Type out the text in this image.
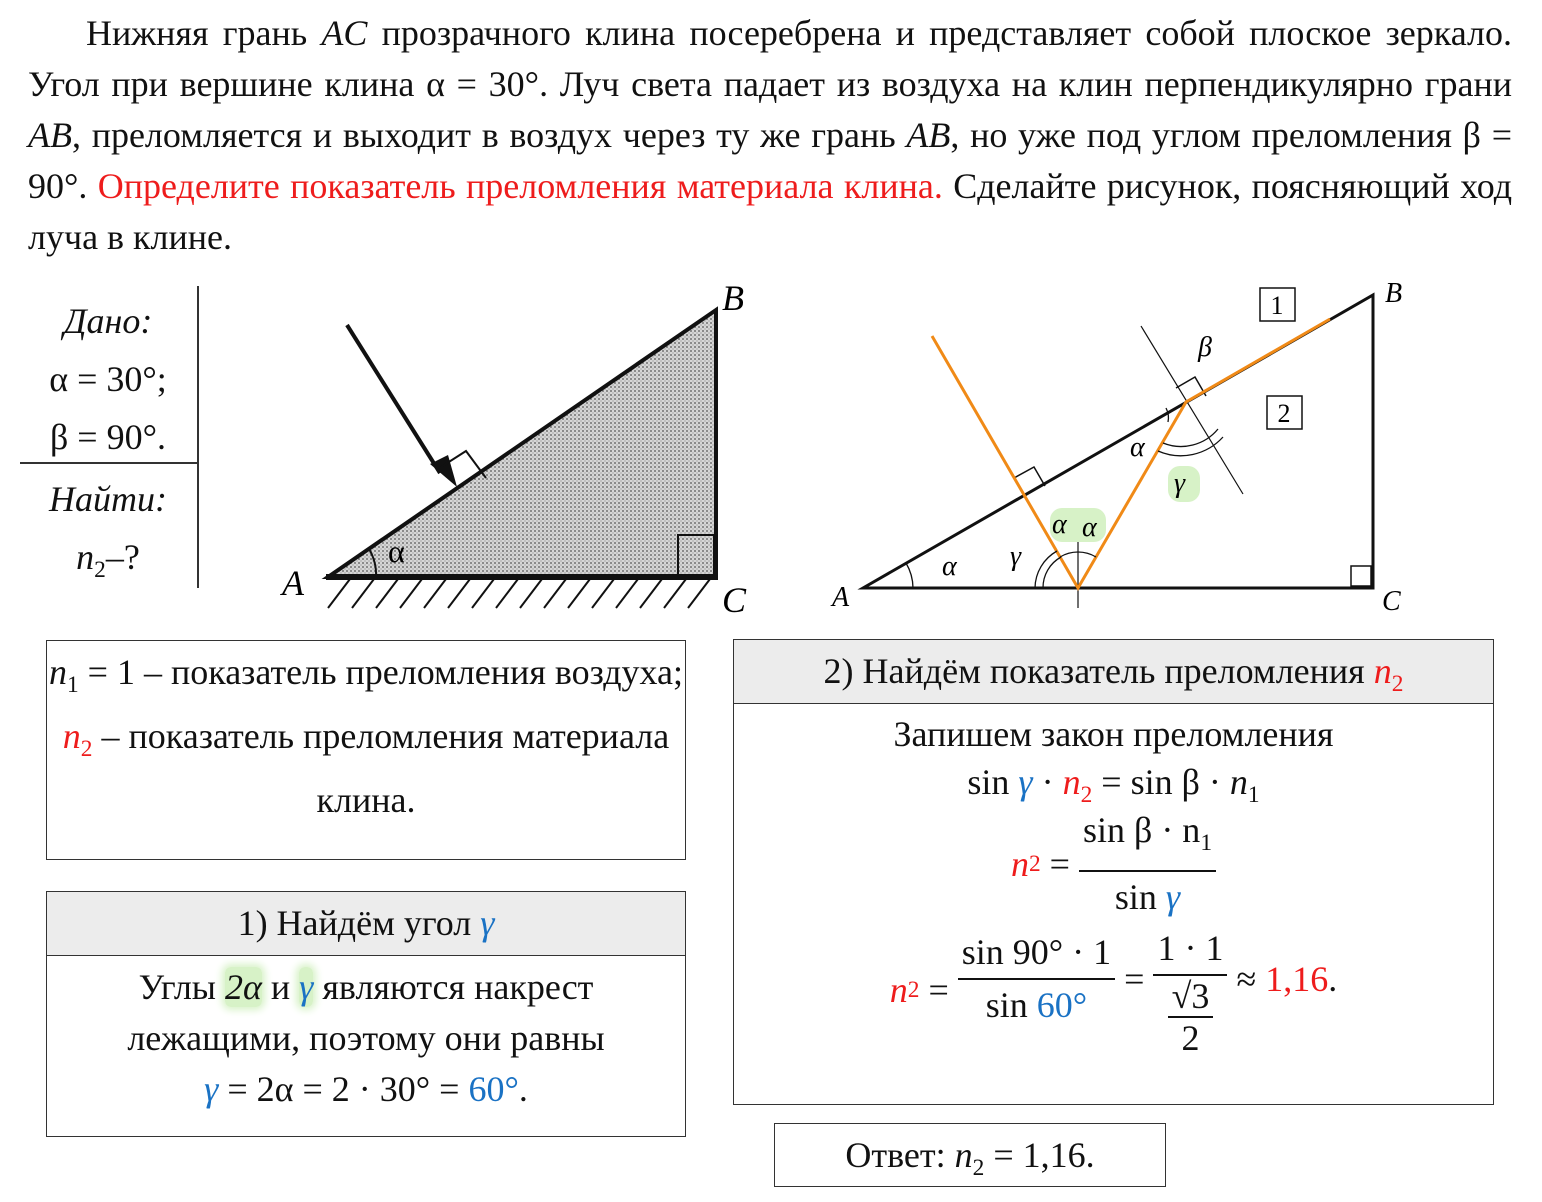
Нижняя грань AC прозрачного клина посеребрена и представляет собой плоское зеркало. Угол при вершине клина α = 30°. Луч света падает из воздуха на клин перпендикулярно грани AB, преломляется и выходит в воздух через ту же грань AB, но уже под углом преломления β = 90°. Определите показатель преломления материала клина. Сделайте рисунок, поясняющий ход луча в клине.
Дано:
α = 30°;
β = 90°.
Найти:
$n_2-$?	α
A
B
C
α γ
α α
α
γ
β
1
2
A
B
C
$n_1 = 1$ – показатель преломления воздуха;
$n_2$ – показатель преломления материала клина.
1) Найдём угол γ
Углы 2α и γ являются накрест лежащими, поэтому они равны
γ = 2α = 2 · 30° = 60°.
2) Найдём показатель преломления $n_2$
Запишем закон преломления
$\sin \gamma \cdot n_2 = \sin \beta \cdot n_1$
n $2 = \frac{\sin \beta \cdot n_1}{\text{sin γ}}$
n $2 = \frac{\sin 90^\circ \cdot 1}{\sin 60^\circ} = \frac{1 \cdot 1}{\frac{√3}{2}} \approx 1,16$ .
Ответ: $n_2 = 1,16$.
